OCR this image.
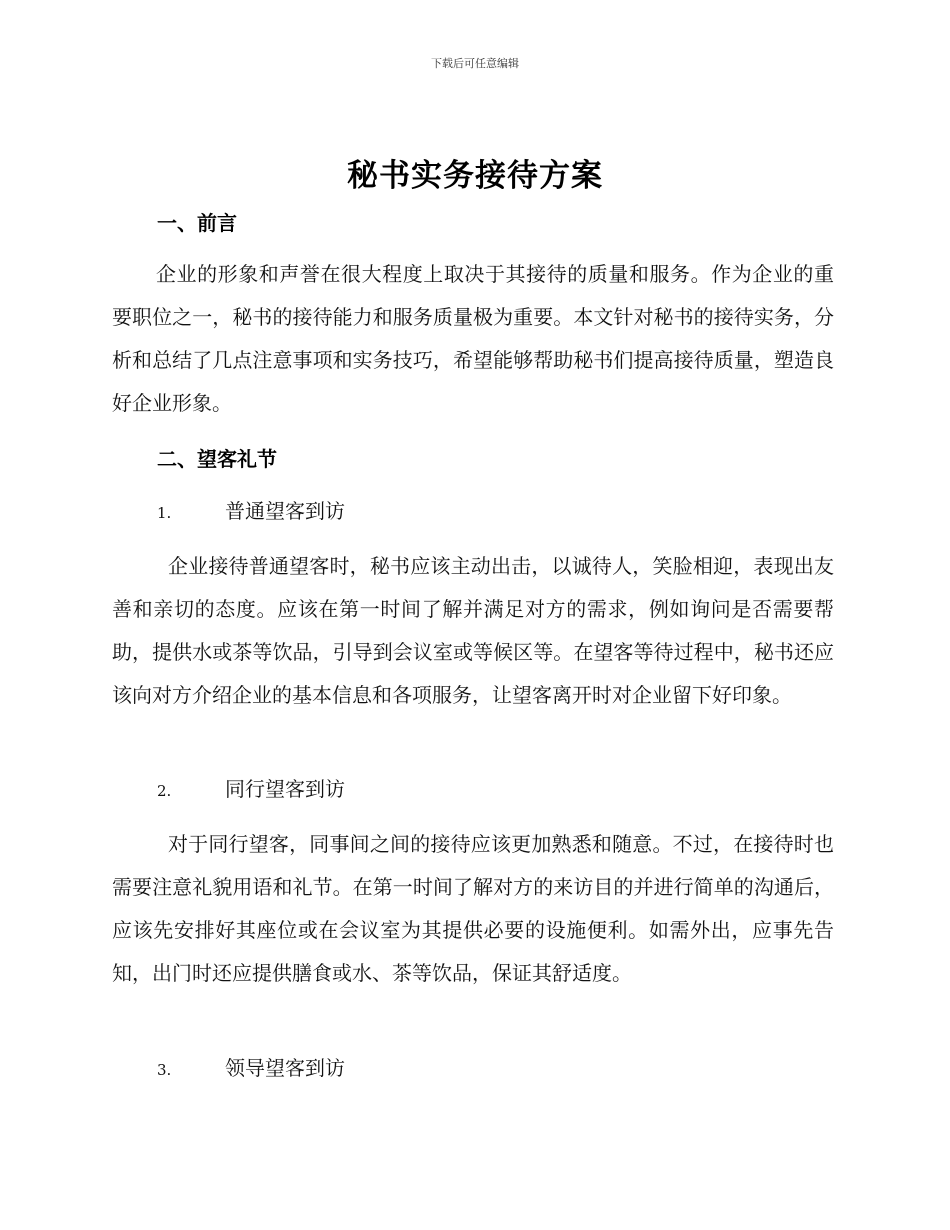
下载后可任意编辑
秘书实务接待方案
一、前言

企业的形象和声誉在很大程度上取决于其接待的质量和服务。作为企业的重要职位之一，秘书的接待能力和服务质量极为重要。本文针对秘书的接待实务，分析和总结了几点注意事项和实务技巧，希望能够帮助秘书们提高接待质量，塑造良好企业形象。

二、望客礼节
1.	普通望客到访

企业接待普通望客时，秘书应该主动出击，以诚待人，笑脸相迎，表现出友善和亲切的态度。应该在第一时间了解并满足对方的需求，例如询问是否需要帮助，提供水或茶等饮品，引导到会议室或等候区等。在望客等待过程中，秘书还应该向对方介绍企业的基本信息和各项服务，让望客离开时对企业留下好印象。

2.	同行望客到访

对于同行望客，同事间之间的接待应该更加熟悉和随意。不过，在接待时也需要注意礼貌用语和礼节。在第一时间了解对方的来访目的并进行简单的沟通后，应该先安排好其座位或在会议室为其提供必要的设施便利。如需外出，应事先告知，出门时还应提供膳食或水、茶等饮品，保证其舒适度。

3.	领导望客到访
